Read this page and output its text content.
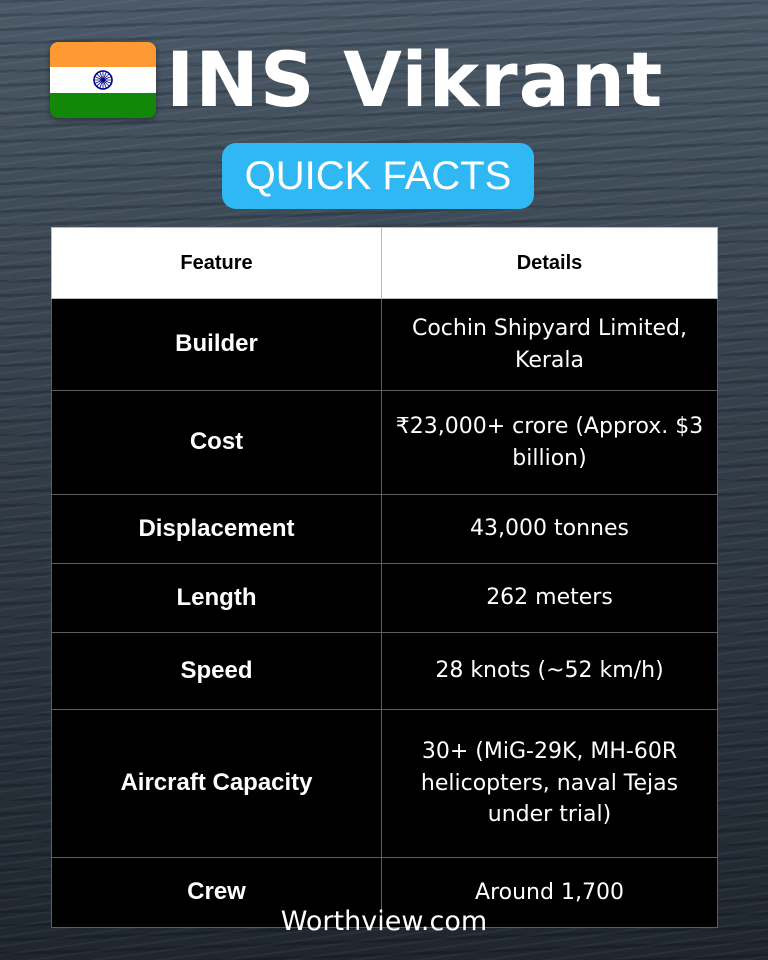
INS Vikrant
QUICK FACTS
Feature	Details
Builder	Cochin Shipyard Limited, Kerala
Cost	₹23,000+ crore (Approx. $3 billion)
Displacement	43,000 tonnes
Length	262 meters
Speed	28 knots (~52 km/h)
Aircraft Capacity	30+ (MiG-29K, MH-60R helicopters, naval Tejas under trial)
Crew	Around 1,700
Worthview.com
